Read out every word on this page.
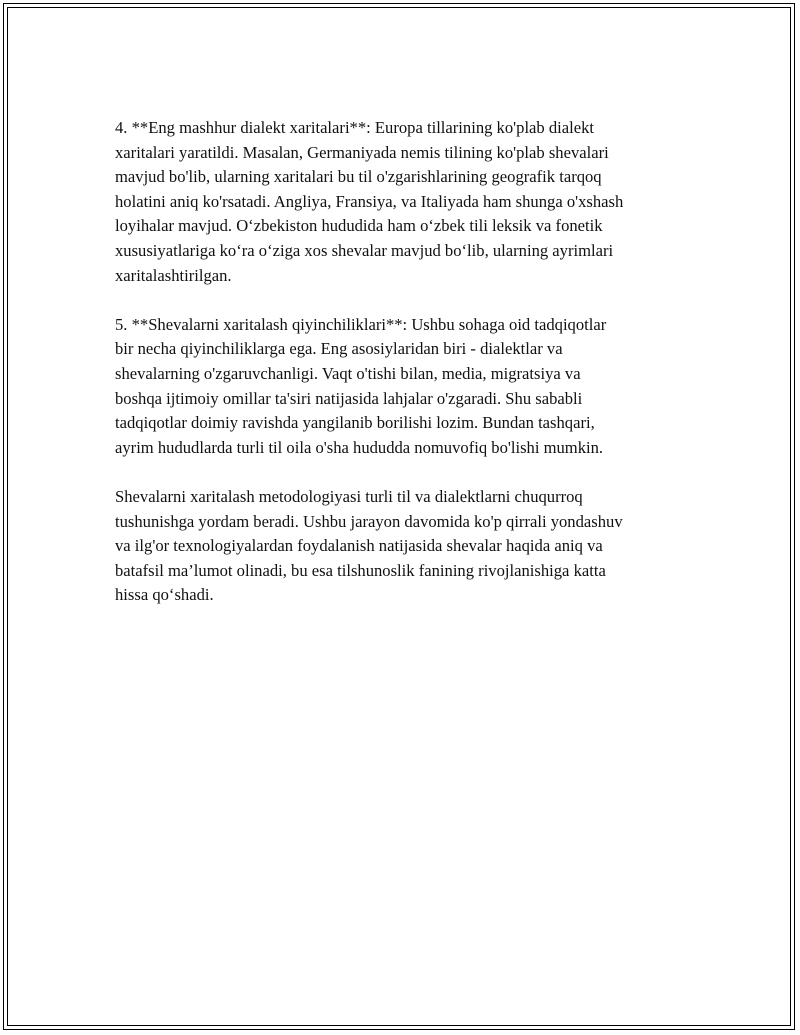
4. **Eng mashhur dialekt xaritalari**: Europa tillarining ko'plab dialekt
xaritalari yaratildi. Masalan, Germaniyada nemis tilining ko'plab shevalari
mavjud bo'lib, ularning xaritalari bu til o'zgarishlarining geografik tarqoq
holatini aniq ko'rsatadi. Angliya, Fransiya, va Italiyada ham shunga o'xshash
loyihalar mavjud. O‘zbekiston hududida ham o‘zbek tili leksik va fonetik
xususiyatlariga ko‘ra o‘ziga xos shevalar mavjud bo‘lib, ularning ayrimlari
xaritalashtirilgan.

5. **Shevalarni xaritalash qiyinchiliklari**: Ushbu sohaga oid tadqiqotlar
bir necha qiyinchiliklarga ega. Eng asosiylaridan biri - dialektlar va
shevalarning o'zgaruvchanligi. Vaqt o'tishi bilan, media, migratsiya va
boshqa ijtimoiy omillar ta'siri natijasida lahjalar o'zgaradi. Shu sababli
tadqiqotlar doimiy ravishda yangilanib borilishi lozim. Bundan tashqari,
ayrim hududlarda turli til oila o'sha hududda nomuvofiq bo'lishi mumkin.

Shevalarni xaritalash metodologiyasi turli til va dialektlarni chuqurroq
tushunishga yordam beradi. Ushbu jarayon davomida ko'p qirrali yondashuv
va ilg'or texnologiyalardan foydalanish natijasida shevalar haqida aniq va
batafsil ma’lumot olinadi, bu esa tilshunoslik fanining rivojlanishiga katta
hissa qo‘shadi.
